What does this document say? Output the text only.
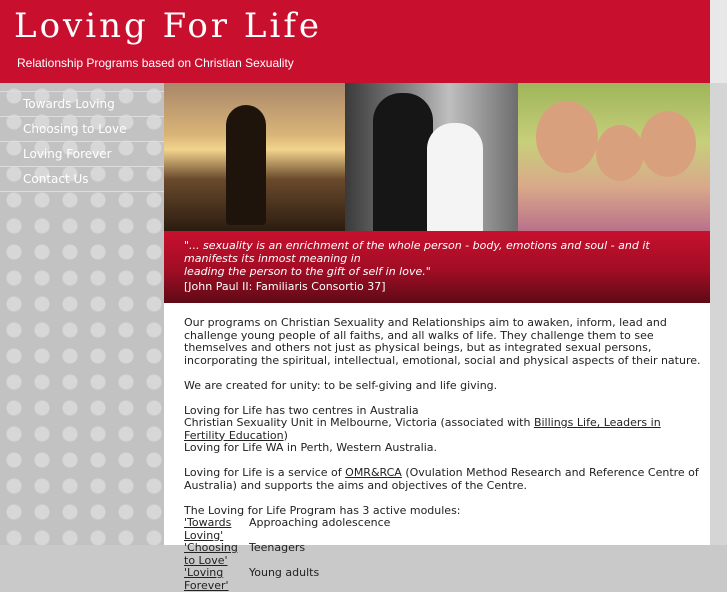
Loving For Life
Relationship Programs based on Christian Sexuality
Towards Loving
Choosing to Love
Loving Forever
Contact Us
"... sexuality is an enrichment of the whole person - body, emotions and soul - and it manifests its inmost meaning in
leading the person to the gift of self in love."
[John Paul II: Familiaris Consortio 37]

Our programs on Christian Sexuality and Relationships aim to awaken, inform, lead and challenge young people of all faiths, and all walks of life. They challenge them to see themselves and others not just as physical beings, but as integrated sexual persons, incorporating the spiritual, intellectual, emotional, social and physical aspects of their nature.

We are created for unity: to be self-giving and life giving.

Loving for Life has two centres in Australia
Christian Sexuality Unit in Melbourne, Victoria (associated with Billings Life, Leaders in Fertility Education)
Loving for Life WA in Perth, Western Australia.

Loving for Life is a service of OMR&RCA (Ovulation Method Research and Reference Centre of Australia) and supports the aims and objectives of the Centre.

The Loving for Life Program has 3 active modules:
'Towards Loving'
Approaching adolescence
'Choosing to Love'
Teenagers
'Loving Forever'
Young adults
